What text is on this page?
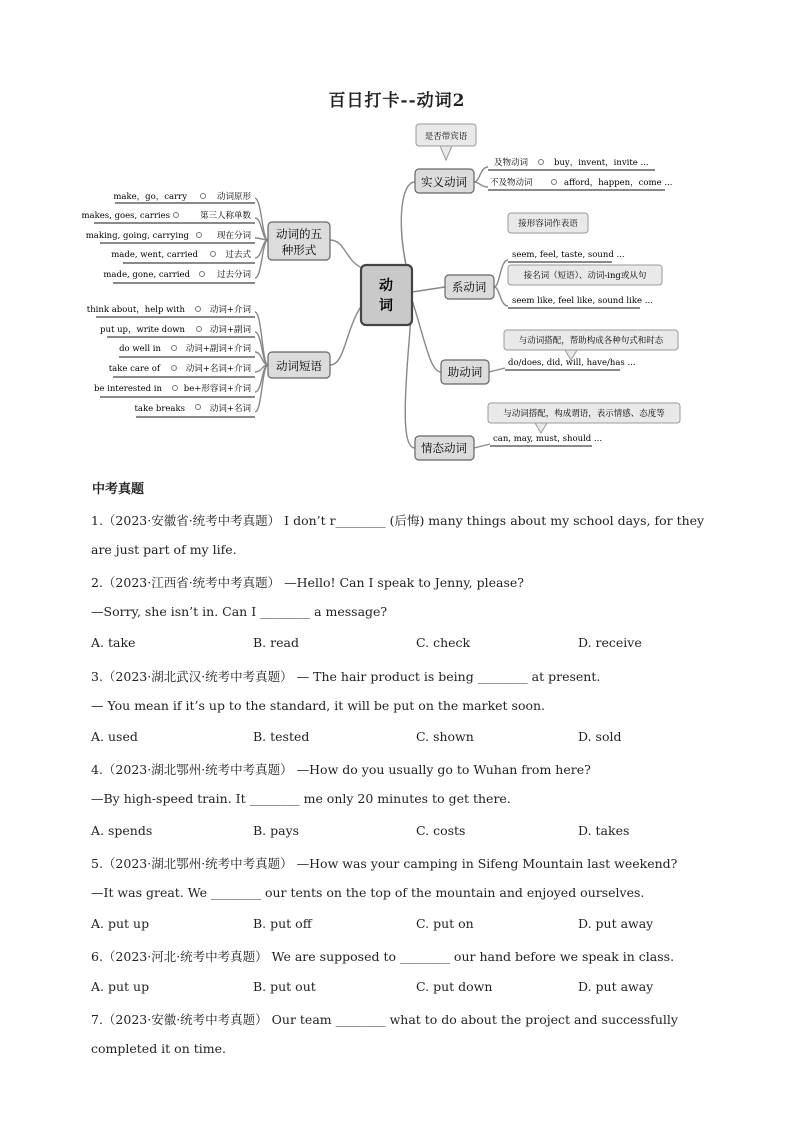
百日打卡--动词2
动
词
动词的五
种形式
动词短语
make，go，carry	动词原形
makes, goes, carries	第三人称单数
making, going, carrying	现在分词
made, went, carried	过去式
made, gone, carried	过去分词
think about，help with	动词+介词
put up，write down	动词+副词
do well in	动词+副词+介词
take care of	动词+名词+介词
be interested in	be+形容词+介词
take breaks	动词+名词
实义动词
系动词
助动词
情态动词
是否带宾语
接形容词作表语
接名词（短语）、动词-ing或从句
与动词搭配，帮助构成各种句式和时态
与动词搭配，构成谓语，表示情感、态度等
及物动词	buy，invent，invite ...
不及物动词	afford，happen，come ...
seem, feel, taste, sound ...
seem like, feel like, sound like ...
do/does, did, will, have/has ...
can, may, must, should ...
中考真题
1.（2023·安徽省·统考中考真题） I don’t r________ (后悔) many things about my school days, for they
are just part of my life.
2.（2023·江西省·统考中考真题） —Hello! Can I speak to Jenny, please?
—Sorry, she isn’t in. Can I ________ a message?
A. take	B. read	C. check	D. receive
3.（2023·湖北武汉·统考中考真题） — The hair product is being ________ at present.
— You mean if it’s up to the standard, it will be put on the market soon.
A. used	B. tested	C. shown	D. sold
4.（2023·湖北鄂州·统考中考真题） —How do you usually go to Wuhan from here?
—By high-speed train. It ________ me only 20 minutes to get there.
A. spends	B. pays	C. costs	D. takes
5.（2023·湖北鄂州·统考中考真题） —How was your camping in Sifeng Mountain last weekend?
—It was great. We ________ our tents on the top of the mountain and enjoyed ourselves.
A. put up	B. put off	C. put on	D. put away
6.（2023·河北·统考中考真题） We are supposed to ________ our hand before we speak in class.
A. put up	B. put out	C. put down	D. put away
7.（2023·安徽·统考中考真题） Our team ________ what to do about the project and successfully
completed it on time.
